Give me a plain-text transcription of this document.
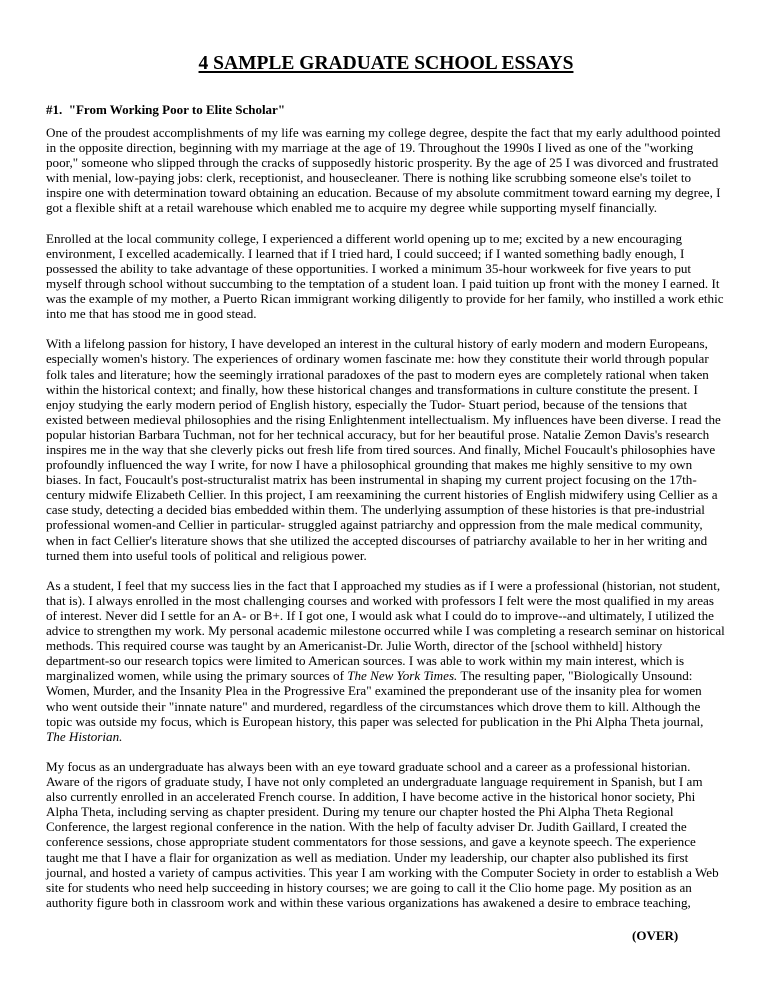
4 SAMPLE GRADUATE SCHOOL ESSAYS
#1. "From Working Poor to Elite Scholar"

One of the proudest accomplishments of my life was earning my college degree, despite the fact that my early adulthood pointed in the opposite direction, beginning with my marriage at the age of 19. Throughout the 1990s I lived as one of the "working poor," someone who slipped through the cracks of supposedly historic prosperity. By the age of 25 I was divorced and frustrated with menial, low-paying jobs: clerk, receptionist, and housecleaner. There is nothing like scrubbing someone else's toilet to inspire one with determination toward obtaining an education. Because of my absolute commitment toward earning my degree, I got a flexible shift at a retail warehouse which enabled me to acquire my degree while supporting myself financially.

Enrolled at the local community college, I experienced a different world opening up to me; excited by a new encouraging environment, I excelled academically. I learned that if I tried hard, I could succeed; if I wanted something badly enough, I possessed the ability to take advantage of these opportunities. I worked a minimum 35-hour workweek for five years to put myself through school without succumbing to the temptation of a student loan. I paid tuition up front with the money I earned. It was the example of my mother, a Puerto Rican immigrant working diligently to provide for her family, who instilled a work ethic into me that has stood me in good stead.

With a lifelong passion for history, I have developed an interest in the cultural history of early modern and modern Europeans, especially women's history. The experiences of ordinary women fascinate me: how they constitute their world through popular folk tales and literature; how the seemingly irrational paradoxes of the past to modern eyes are completely rational when taken within the historical context; and finally, how these historical changes and transformations in culture constitute the present. I enjoy studying the early modern period of English history, especially the Tudor- Stuart period, because of the tensions that existed between medieval philosophies and the rising Enlightenment intellectualism. My influences have been diverse. I read the popular historian Barbara Tuchman, not for her technical accuracy, but for her beautiful prose. Natalie Zemon Davis's research inspires me in the way that she cleverly picks out fresh life from tired sources. And finally, Michel Foucault's philosophies have profoundly influenced the way I write, for now I have a philosophical grounding that makes me highly sensitive to my own biases. In fact, Foucault's post-structuralist matrix has been instrumental in shaping my current project focusing on the 17th-century midwife Elizabeth Cellier. In this project, I am reexamining the current histories of English midwifery using Cellier as a case study, detecting a decided bias embedded within them. The underlying assumption of these histories is that pre-industrial professional women-and Cellier in particular- struggled against patriarchy and oppression from the male medical community, when in fact Cellier's literature shows that she utilized the accepted discourses of patriarchy available to her in her writing and turned them into useful tools of political and religious power.

As a student, I feel that my success lies in the fact that I approached my studies as if I were a professional (historian, not student, that is). I always enrolled in the most challenging courses and worked with professors I felt were the most qualified in my areas of interest. Never did I settle for an A- or B+. If I got one, I would ask what I could do to improve--and ultimately, I utilized the advice to strengthen my work. My personal academic milestone occurred while I was completing a research seminar on historical methods. This required course was taught by an Americanist-Dr. Julie Worth, director of the [school withheld] history department-so our research topics were limited to American sources. I was able to work within my main interest, which is marginalized women, while using the primary sources of The New York Times. The resulting paper, "Biologically Unsound: Women, Murder, and the Insanity Plea in the Progressive Era" examined the preponderant use of the insanity plea for women who went outside their "innate nature" and murdered, regardless of the circumstances which drove them to kill. Although the topic was outside my focus, which is European history, this paper was selected for publication in the Phi Alpha Theta journal, The Historian.

My focus as an undergraduate has always been with an eye toward graduate school and a career as a professional historian. Aware of the rigors of graduate study, I have not only completed an undergraduate language requirement in Spanish, but I am also currently enrolled in an accelerated French course. In addition, I have become active in the historical honor society, Phi Alpha Theta, including serving as chapter president. During my tenure our chapter hosted the Phi Alpha Theta Regional Conference, the largest regional conference in the nation. With the help of faculty adviser Dr. Judith Gaillard, I created the conference sessions, chose appropriate student commentators for those sessions, and gave a keynote speech. The experience taught me that I have a flair for organization as well as mediation. Under my leadership, our chapter also published its first journal, and hosted a variety of campus activities. This year I am working with the Computer Society in order to establish a Web site for students who need help succeeding in history courses; we are going to call it the Clio home page. My position as an authority figure both in classroom work and within these various organizations has awakened a desire to embrace teaching,

(OVER)
